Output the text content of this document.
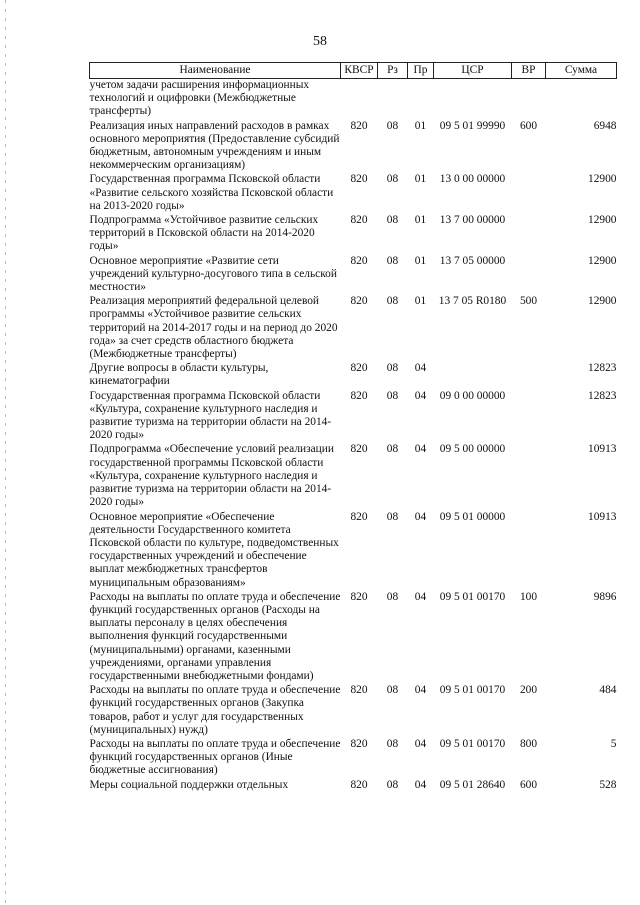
58
Наименование	КВСР	Рз	Пр	ЦСР	ВР	Сумма
учетом задачи расширения информационных технологий и оцифровки (Межбюджетные трансферты)						
Реализация иных направлений расходов в рамках основного мероприятия (Предоставление субсидий бюджетным, автономным учреждениям и иным некоммерческим организациям)	820	08	01	09 5 01 99990	600	6948
Государственная программа Псковской области «Развитие сельского хозяйства Псковской области на 2013-2020 годы»	820	08	01	13 0 00 00000		12900
Подпрограмма «Устойчивое развитие сельских территорий в Псковской области на 2014-2020 годы»	820	08	01	13 7 00 00000		12900
Основное мероприятие «Развитие сети учреждений культурно-досугового типа в сельской местности»	820	08	01	13 7 05 00000		12900
Реализация мероприятий федеральной целевой программы «Устойчивое развитие сельских территорий на 2014-2017 годы и на период до 2020 года» за счет средств областного бюджета (Межбюджетные трансферты)	820	08	01	13 7 05 R0180	500	12900
Другие вопросы в области культуры, кинематографии	820	08	04			12823
Государственная программа Псковской области «Культура, сохранение культурного наследия и развитие туризма на территории области на 2014-2020 годы»	820	08	04	09 0 00 00000		12823
Подпрограмма «Обеспечение условий реализации государственной программы Псковской области «Культура, сохранение культурного наследия и развитие туризма на территории области на 2014-2020 годы»	820	08	04	09 5 00 00000		10913
Основное мероприятие «Обеспечение деятельности Государственного комитета Псковской области по культуре, подведомственных государственных учреждений и обеспечение выплат межбюджетных трансфертов муниципальным образованиям»	820	08	04	09 5 01 00000		10913
Расходы на выплаты по оплате труда и обеспечение функций государственных органов (Расходы на выплаты персоналу в целях обеспечения выполнения функций государственными (муниципальными) органами, казенными учреждениями, органами управления государственными внебюджетными фондами)	820	08	04	09 5 01 00170	100	9896
Расходы на выплаты по оплате труда и обеспечение функций государственных органов (Закупка товаров, работ и услуг для государственных (муниципальных) нужд)	820	08	04	09 5 01 00170	200	484
Расходы на выплаты по оплате труда и обеспечение функций государственных органов (Иные бюджетные ассигнования)	820	08	04	09 5 01 00170	800	5
Меры социальной поддержки отдельных	820	08	04	09 5 01 28640	600	528
